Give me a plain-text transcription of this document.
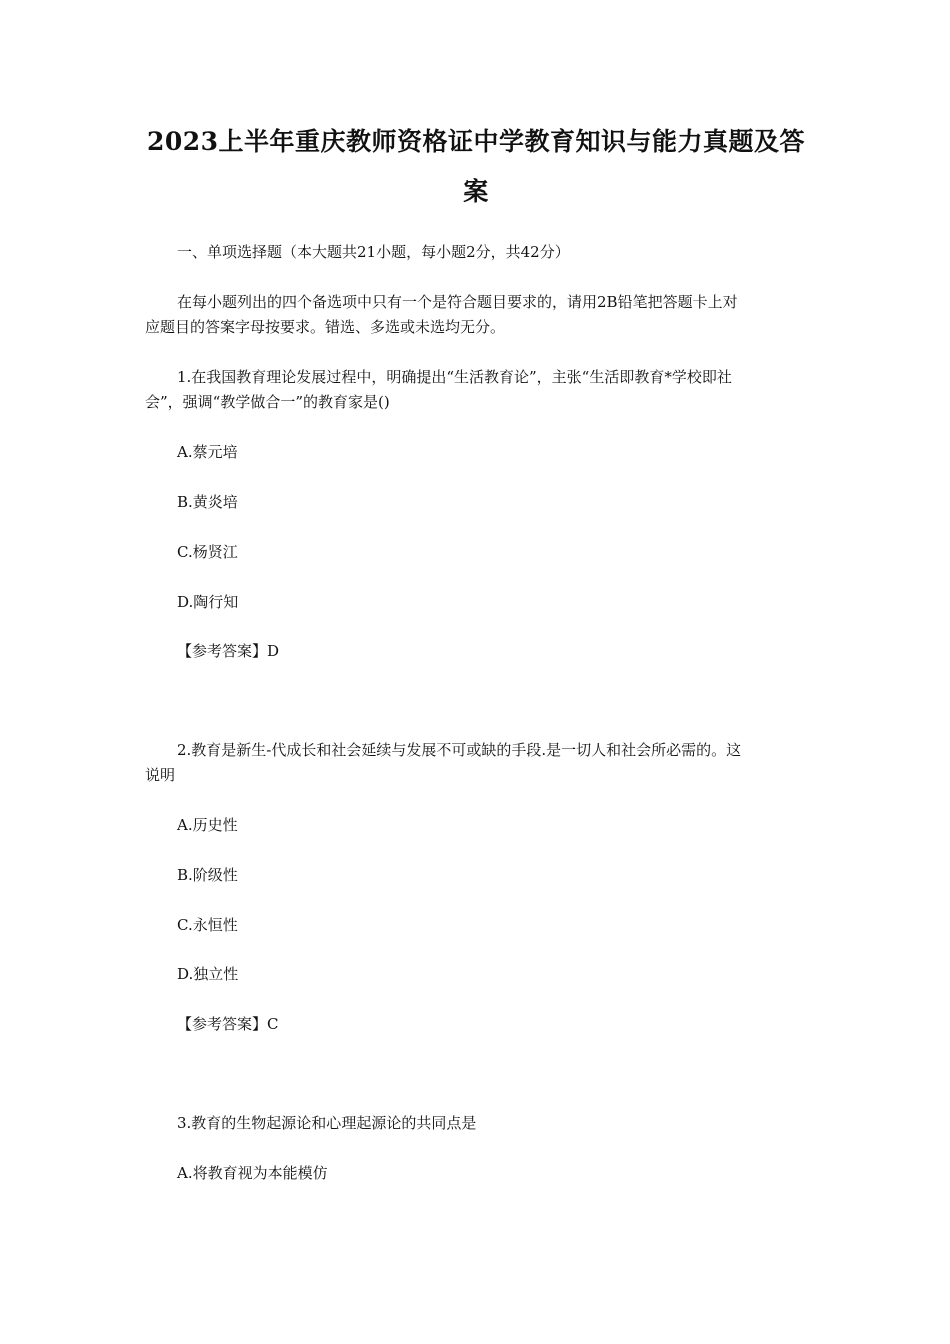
2023上半年重庆教师资格证中学教育知识与能力真题及答
案

一、单项选择题（本大题共21小题，每小题2分，共42分）

在每小题列出的四个备选项中只有一个是符合题目要求的，请用2B铅笔把答题卡上对

应题目的答案字母按要求。错选、多选或未选均无分。

1.在我国教育理论发展过程中，明确提出“生活教育论”，主张“生活即教育*学校即社

会”，强调“教学做合一”的教育家是()

A.蔡元培

B.黄炎培

C.杨贤江

D.陶行知

【参考答案】D

2.教育是新生-代成长和社会延续与发展不可或缺的手段.是一切人和社会所必需的。这

说明

A.历史性

B.阶级性

C.永恒性

D.独立性

【参考答案】C

3.教育的生物起源论和心理起源论的共同点是

A.将教育视为本能模仿
